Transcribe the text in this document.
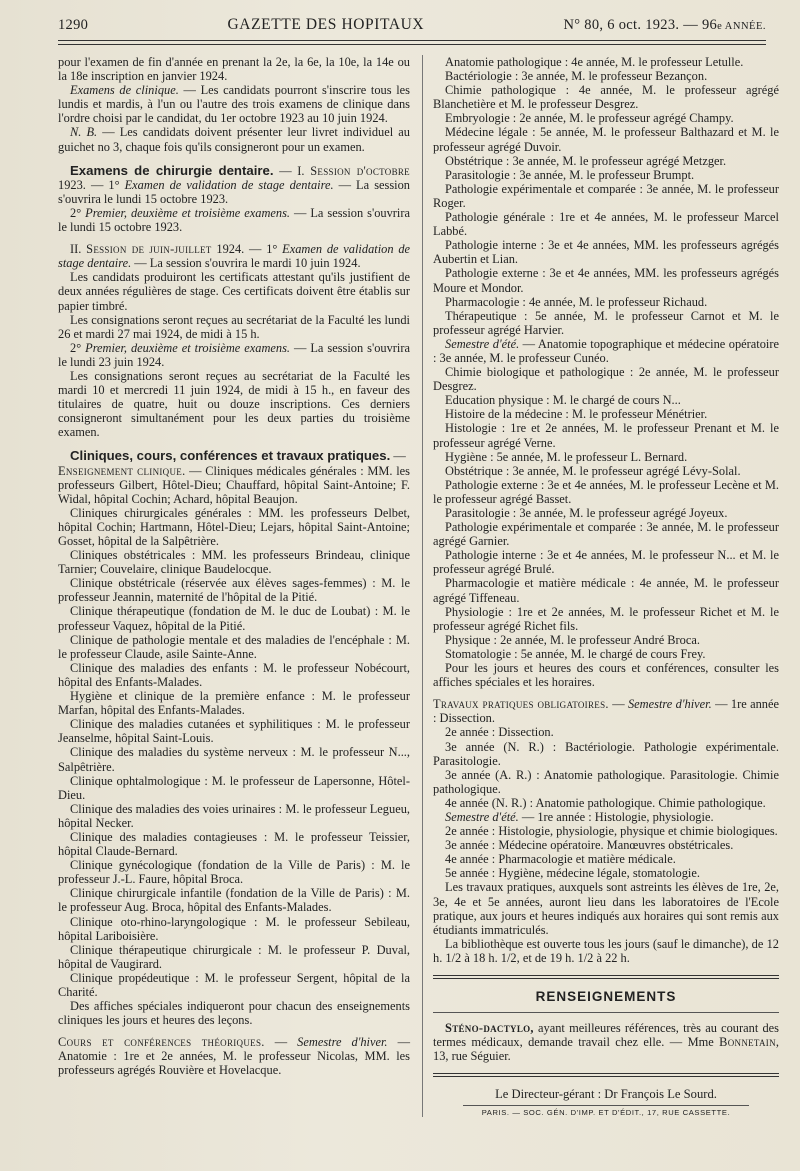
1290	GAZETTE DES HOPITAUX	N° 80, 6 oct. 1923. — 96e ANNÉE.

pour l'examen de fin d'année en prenant la 2e, la 6e, la 10e, la 14e ou la 18e inscription en janvier 1924.

Examens de clinique. — Les candidats pourront s'inscrire tous les lundis et mardis, à l'un ou l'autre des trois examens de clinique dans l'ordre choisi par le candidat, du 1er octobre 1923 au 10 juin 1924.

N. B. — Les candidats doivent présenter leur livret individuel au guichet no 3, chaque fois qu'ils consigneront pour un examen.

Examens de chirurgie dentaire. — I. Session d'octobre 1923. — 1° Examen de validation de stage dentaire. — La session s'ouvrira le lundi 15 octobre 1923.

2° Premier, deuxième et troisième examens. — La session s'ouvrira le lundi 15 octobre 1923.

II. Session de juin-juillet 1924. — 1° Examen de validation de stage dentaire. — La session s'ouvrira le mardi 10 juin 1924.

Les candidats produiront les certificats attestant qu'ils justifient de deux années régulières de stage. Ces certificats doivent être établis sur papier timbré.

Les consignations seront reçues au secrétariat de la Faculté les lundi 26 et mardi 27 mai 1924, de midi à 15 h.

2° Premier, deuxième et troisième examens. — La session s'ouvrira le lundi 23 juin 1924.

Les consignations seront reçues au secrétariat de la Faculté les mardi 10 et mercredi 11 juin 1924, de midi à 15 h., en faveur des titulaires de quatre, huit ou douze inscriptions. Ces derniers consigneront simultanément pour les deux parties du troisième examen.

Cliniques, cours, conférences et travaux pratiques. —

Enseignement clinique. — Cliniques médicales générales : MM. les professeurs Gilbert, Hôtel-Dieu; Chauffard, hôpital Saint-Antoine; F. Widal, hôpital Cochin; Achard, hôpital Beaujon.

Cliniques chirurgicales générales : MM. les professeurs Delbet, hôpital Cochin; Hartmann, Hôtel-Dieu; Lejars, hôpital Saint-Antoine; Gosset, hôpital de la Salpêtrière.

Cliniques obstétricales : MM. les professeurs Brindeau, clinique Tarnier; Couvelaire, clinique Baudelocque.

Clinique obstétricale (réservée aux élèves sages-femmes) : M. le professeur Jeannin, maternité de l'hôpital de la Pitié.

Clinique thérapeutique (fondation de M. le duc de Loubat) : M. le professeur Vaquez, hôpital de la Pitié.

Clinique de pathologie mentale et des maladies de l'encéphale : M. le professeur Claude, asile Sainte-Anne.

Clinique des maladies des enfants : M. le professeur Nobécourt, hôpital des Enfants-Malades.

Hygiène et clinique de la première enfance : M. le professeur Marfan, hôpital des Enfants-Malades.

Clinique des maladies cutanées et syphilitiques : M. le professeur Jeanselme, hôpital Saint-Louis.

Clinique des maladies du système nerveux : M. le professeur N..., Salpêtrière.

Clinique ophtalmologique : M. le professeur de Lapersonne, Hôtel-Dieu.

Clinique des maladies des voies urinaires : M. le professeur Legueu, hôpital Necker.

Clinique des maladies contagieuses : M. le professeur Teissier, hôpital Claude-Bernard.

Clinique gynécologique (fondation de la Ville de Paris) : M. le professeur J.-L. Faure, hôpital Broca.

Clinique chirurgicale infantile (fondation de la Ville de Paris) : M. le professeur Aug. Broca, hôpital des Enfants-Malades.

Clinique oto-rhino-laryngologique : M. le professeur Sebileau, hôpital Lariboisière.

Clinique thérapeutique chirurgicale : M. le professeur P. Duval, hôpital de Vaugirard.

Clinique propédeutique : M. le professeur Sergent, hôpital de la Charité.

Des affiches spéciales indiqueront pour chacun des enseignements cliniques les jours et heures des leçons.

Cours et conférences théoriques. — Semestre d'hiver. — Anatomie : 1re et 2e années, M. le professeur Nicolas, MM. les professeurs agrégés Rouvière et Hovelacque.

Anatomie pathologique : 4e année, M. le professeur Letulle.

Bactériologie : 3e année, M. le professeur Bezançon.

Chimie pathologique : 4e année, M. le professeur agrégé Blanchetière et M. le professeur Desgrez.

Embryologie : 2e année, M. le professeur agrégé Champy.

Médecine légale : 5e année, M. le professeur Balthazard et M. le professeur agrégé Duvoir.

Obstétrique : 3e année, M. le professeur agrégé Metzger.

Parasitologie : 3e année, M. le professeur Brumpt.

Pathologie expérimentale et comparée : 3e année, M. le professeur Roger.

Pathologie générale : 1re et 4e années, M. le professeur Marcel Labbé.

Pathologie interne : 3e et 4e années, MM. les professeurs agrégés Aubertin et Lian.

Pathologie externe : 3e et 4e années, MM. les professeurs agrégés Moure et Mondor.

Pharmacologie : 4e année, M. le professeur Richaud.

Thérapeutique : 5e année, M. le professeur Carnot et M. le professeur agrégé Harvier.

Semestre d'été. — Anatomie topographique et médecine opératoire : 3e année, M. le professeur Cunéo.

Chimie biologique et pathologique : 2e année, M. le professeur Desgrez.

Education physique : M. le chargé de cours N...

Histoire de la médecine : M. le professeur Ménétrier.

Histologie : 1re et 2e années, M. le professeur Prenant et M. le professeur agrégé Verne.

Hygiène : 5e année, M. le professeur L. Bernard.

Obstétrique : 3e année, M. le professeur agrégé Lévy-Solal.

Pathologie externe : 3e et 4e années, M. le professeur Lecène et M. le professeur agrégé Basset.

Parasitologie : 3e année, M. le professeur agrégé Joyeux.

Pathologie expérimentale et comparée : 3e année, M. le professeur agrégé Garnier.

Pathologie interne : 3e et 4e années, M. le professeur N... et M. le professeur agrégé Brulé.

Pharmacologie et matière médicale : 4e année, M. le professeur agrégé Tiffeneau.

Physiologie : 1re et 2e années, M. le professeur Richet et M. le professeur agrégé Richet fils.

Physique : 2e année, M. le professeur André Broca.

Stomatologie : 5e année, M. le chargé de cours Frey.

Pour les jours et heures des cours et conférences, consulter les affiches spéciales et les horaires.

Travaux pratiques obligatoires. — Semestre d'hiver. — 1re année : Dissection.

2e année : Dissection.

3e année (N. R.) : Bactériologie. Pathologie expérimentale. Parasitologie.

3e année (A. R.) : Anatomie pathologique. Parasitologie. Chimie pathologique.

4e année (N. R.) : Anatomie pathologique. Chimie pathologique.

Semestre d'été. — 1re année : Histologie, physiologie.

2e année : Histologie, physiologie, physique et chimie biologiques.

3e année : Médecine opératoire. Manœuvres obstétricales.

4e année : Pharmacologie et matière médicale.

5e année : Hygiène, médecine légale, stomatologie.

Les travaux pratiques, auxquels sont astreints les élèves de 1re, 2e, 3e, 4e et 5e années, auront lieu dans les laboratoires de l'Ecole pratique, aux jours et heures indiqués aux horaires qui sont remis aux étudiants immatriculés.

La bibliothèque est ouverte tous les jours (sauf le dimanche), de 12 h. 1/2 à 18 h. 1/2, et de 19 h. 1/2 à 22 h.

RENSEIGNEMENTS

Sténo-dactylo, ayant meilleures références, très au courant des termes médicaux, demande travail chez elle. — Mme Bonnetain, 13, rue Séguier.

Le Directeur-gérant : Dr François Le Sourd.
PARIS. — SOC. GÉN. D'IMP. ET D'ÉDIT., 17, RUE CASSETTE.
